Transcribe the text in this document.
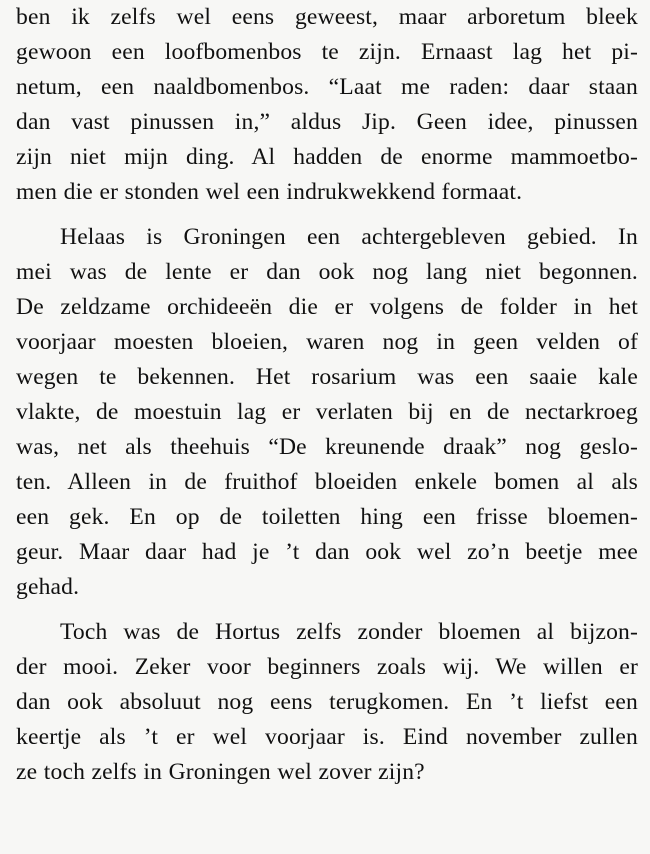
ben ik zelfs wel eens geweest, maar arboretum bleek
gewoon een loofbomenbos te zijn. Ernaast lag het pi-
netum, een naaldbomenbos. “Laat me raden: daar staan
dan vast pinussen in,” aldus Jip. Geen idee, pinussen
zijn niet mijn ding. Al hadden de enorme mammoetbo-
men die er stonden wel een indrukwekkend formaat.
Helaas is Groningen een achtergebleven gebied. In
mei was de lente er dan ook nog lang niet begonnen.
De zeldzame orchideeën die er volgens de folder in het
voorjaar moesten bloeien, waren nog in geen velden of
wegen te bekennen. Het rosarium was een saaie kale
vlakte, de moestuin lag er verlaten bij en de nectarkroeg
was, net als theehuis “De kreunende draak” nog geslo-
ten. Alleen in de fruithof bloeiden enkele bomen al als
een gek. En op de toiletten hing een frisse bloemen-
geur. Maar daar had je ’t dan ook wel zo’n beetje mee
gehad.
Toch was de Hortus zelfs zonder bloemen al bijzon-
der mooi. Zeker voor beginners zoals wij. We willen er
dan ook absoluut nog eens terugkomen. En ’t liefst een
keertje als ’t er wel voorjaar is. Eind november zullen
ze toch zelfs in Groningen wel zover zijn?
